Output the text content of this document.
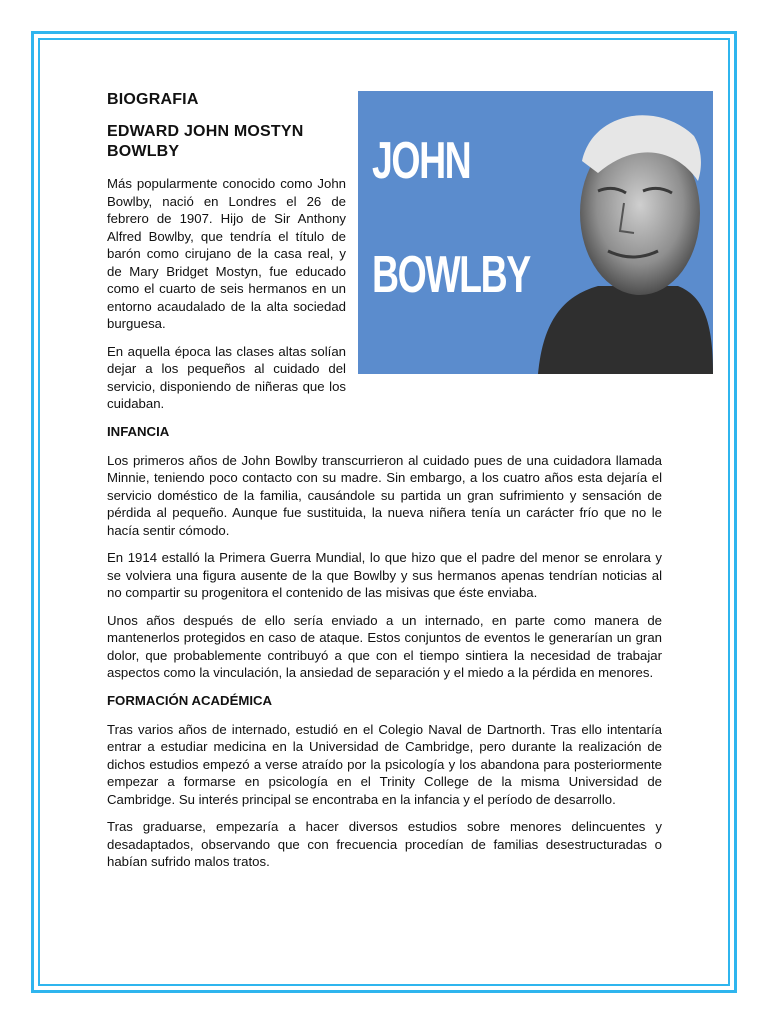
JOHN
BOWLBY
BIOGRAFIA
EDWARD JOHN MOSTYN BOWLBY

Más popularmente conocido como John Bowlby, nació en Londres el 26 de febrero de 1907. Hijo de Sir Anthony Alfred Bowlby, que tendría el título de barón como cirujano de la casa real, y de Mary Bridget Mostyn, fue educado como el cuarto de seis hermanos en un entorno acaudalado de la alta sociedad burguesa.

En aquella época las clases altas solían dejar a los pequeños al cuidado del servicio, disponiendo de niñeras que los cuidaban.

INFANCIA

Los primeros años de John Bowlby transcurrieron al cuidado pues de una cuidadora llamada Minnie, teniendo poco contacto con su madre. Sin embargo, a los cuatro años esta dejaría el servicio doméstico de la familia, causándole su partida un gran sufrimiento y sensación de pérdida al pequeño. Aunque fue sustituida, la nueva niñera tenía un carácter frío que no le hacía sentir cómodo.

En 1914 estalló la Primera Guerra Mundial, lo que hizo que el padre del menor se enrolara y se volviera una figura ausente de la que Bowlby y sus hermanos apenas tendrían noticias al no compartir su progenitora el contenido de las misivas que éste enviaba.

Unos años después de ello sería enviado a un internado, en parte como manera de mantenerlos protegidos en caso de ataque. Estos conjuntos de eventos le generarían un gran dolor, que probablemente contribuyó a que con el tiempo sintiera la necesidad de trabajar aspectos como la vinculación, la ansiedad de separación y el miedo a la pérdida en menores.

FORMACIÓN ACADÉMICA

Tras varios años de internado, estudió en el Colegio Naval de Dartnorth. Tras ello intentaría entrar a estudiar medicina en la Universidad de Cambridge, pero durante la realización de dichos estudios empezó a verse atraído por la psicología y los abandona para posteriormente empezar a formarse en psicología en el Trinity College de la misma Universidad de Cambridge. Su interés principal se encontraba en la infancia y el período de desarrollo.

Tras graduarse, empezaría a hacer diversos estudios sobre menores delincuentes y desadaptados, observando que con frecuencia procedían de familias desestructuradas o habían sufrido malos tratos.
